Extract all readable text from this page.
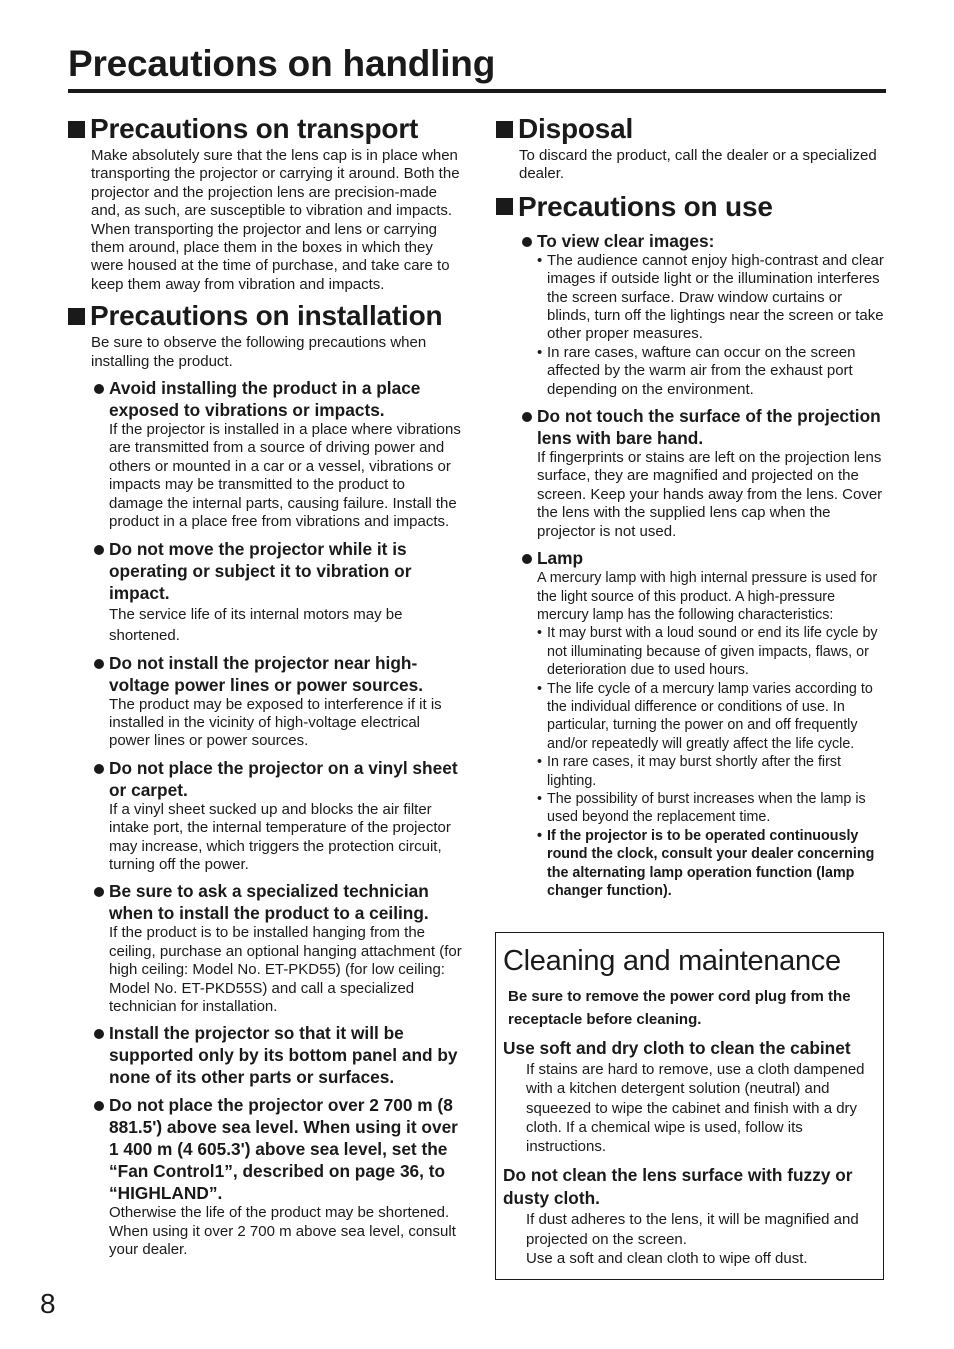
Precautions on handling
Precautions on transport
Make absolutely sure that the lens cap is in place when transporting the projector or carrying it around. Both the projector and the projection lens are precision-made and, as such, are susceptible to vibration and impacts. When transporting the projector and lens or carrying them around, place them in the boxes in which they were housed at the time of purchase, and take care to keep them away from vibration and impacts.
Precautions on installation
Be sure to observe the following precautions when installing the product.
Avoid installing the product in a place exposed to vibrations or impacts.
If the projector is installed in a place where vibrations are transmitted from a source of driving power and others or mounted in a car or a vessel, vibrations or impacts may be transmitted to the product to damage the internal parts, causing failure. Install the product in a place free from vibrations and impacts.
Do not move the projector while it is operating or subject it to vibration or impact.
The service life of its internal motors may be shortened.
Do not install the projector near high-voltage power lines or power sources.
The product may be exposed to interference if it is installed in the vicinity of high-voltage electrical power lines or power sources.
Do not place the projector on a vinyl sheet or carpet.
If a vinyl sheet sucked up and blocks the air filter intake port, the internal temperature of the projector may increase, which triggers the protection circuit, turning off the power.
Be sure to ask a specialized technician when to install the product to a ceiling.
If the product is to be installed hanging from the ceiling, purchase an optional hanging attachment (for high ceiling: Model No. ET-PKD55) (for low ceiling: Model No. ET-PKD55S) and call a specialized technician for installation.
Install the projector so that it will be supported only by its bottom panel and by none of its other parts or surfaces.
Do not place the projector over 2 700 m (8 881.5') above sea level. When using it over 1 400 m (4 605.3') above sea level, set the “Fan Control1”, described on page 36, to “HIGHLAND”.
Otherwise the life of the product may be shortened. When using it over 2 700 m above sea level, consult your dealer.
Disposal
To discard the product, call the dealer or a specialized dealer.
Precautions on use
To view clear images:
• The audience cannot enjoy high-contrast and clear images if outside light or the illumination interferes the screen surface. Draw window curtains or blinds, turn off the lightings near the screen or take other proper measures.
• In rare cases, wafture can occur on the screen affected by the warm air from the exhaust port depending on the environment.
Do not touch the surface of the projection lens with bare hand.
If fingerprints or stains are left on the projection lens surface, they are magnified and projected on the screen. Keep your hands away from the lens. Cover the lens with the supplied lens cap when the projector is not used.
Lamp
A mercury lamp with high internal pressure is used for the light source of this product. A high-pressure mercury lamp has the following characteristics:
• It may burst with a loud sound or end its life cycle by not illuminating because of given impacts, flaws, or deterioration due to used hours.
• The life cycle of a mercury lamp varies according to the individual difference or conditions of use. In particular, turning the power on and off frequently and/or repeatedly will greatly affect the life cycle.
• In rare cases, it may burst shortly after the first lighting.
• The possibility of burst increases when the lamp is used beyond the replacement time.
• If the projector is to be operated continuously round the clock, consult your dealer concerning the alternating lamp operation function (lamp changer function).
Cleaning and maintenance
Be sure to remove the power cord plug from the receptacle before cleaning.
Use soft and dry cloth to clean the cabinet
If stains are hard to remove, use a cloth dampened with a kitchen detergent solution (neutral) and squeezed to wipe the cabinet and finish with a dry cloth. If a chemical wipe is used, follow its instructions.
Do not clean the lens surface with fuzzy or dusty cloth.
If dust adheres to the lens, it will be magnified and projected on the screen.
Use a soft and clean cloth to wipe off dust.
8
